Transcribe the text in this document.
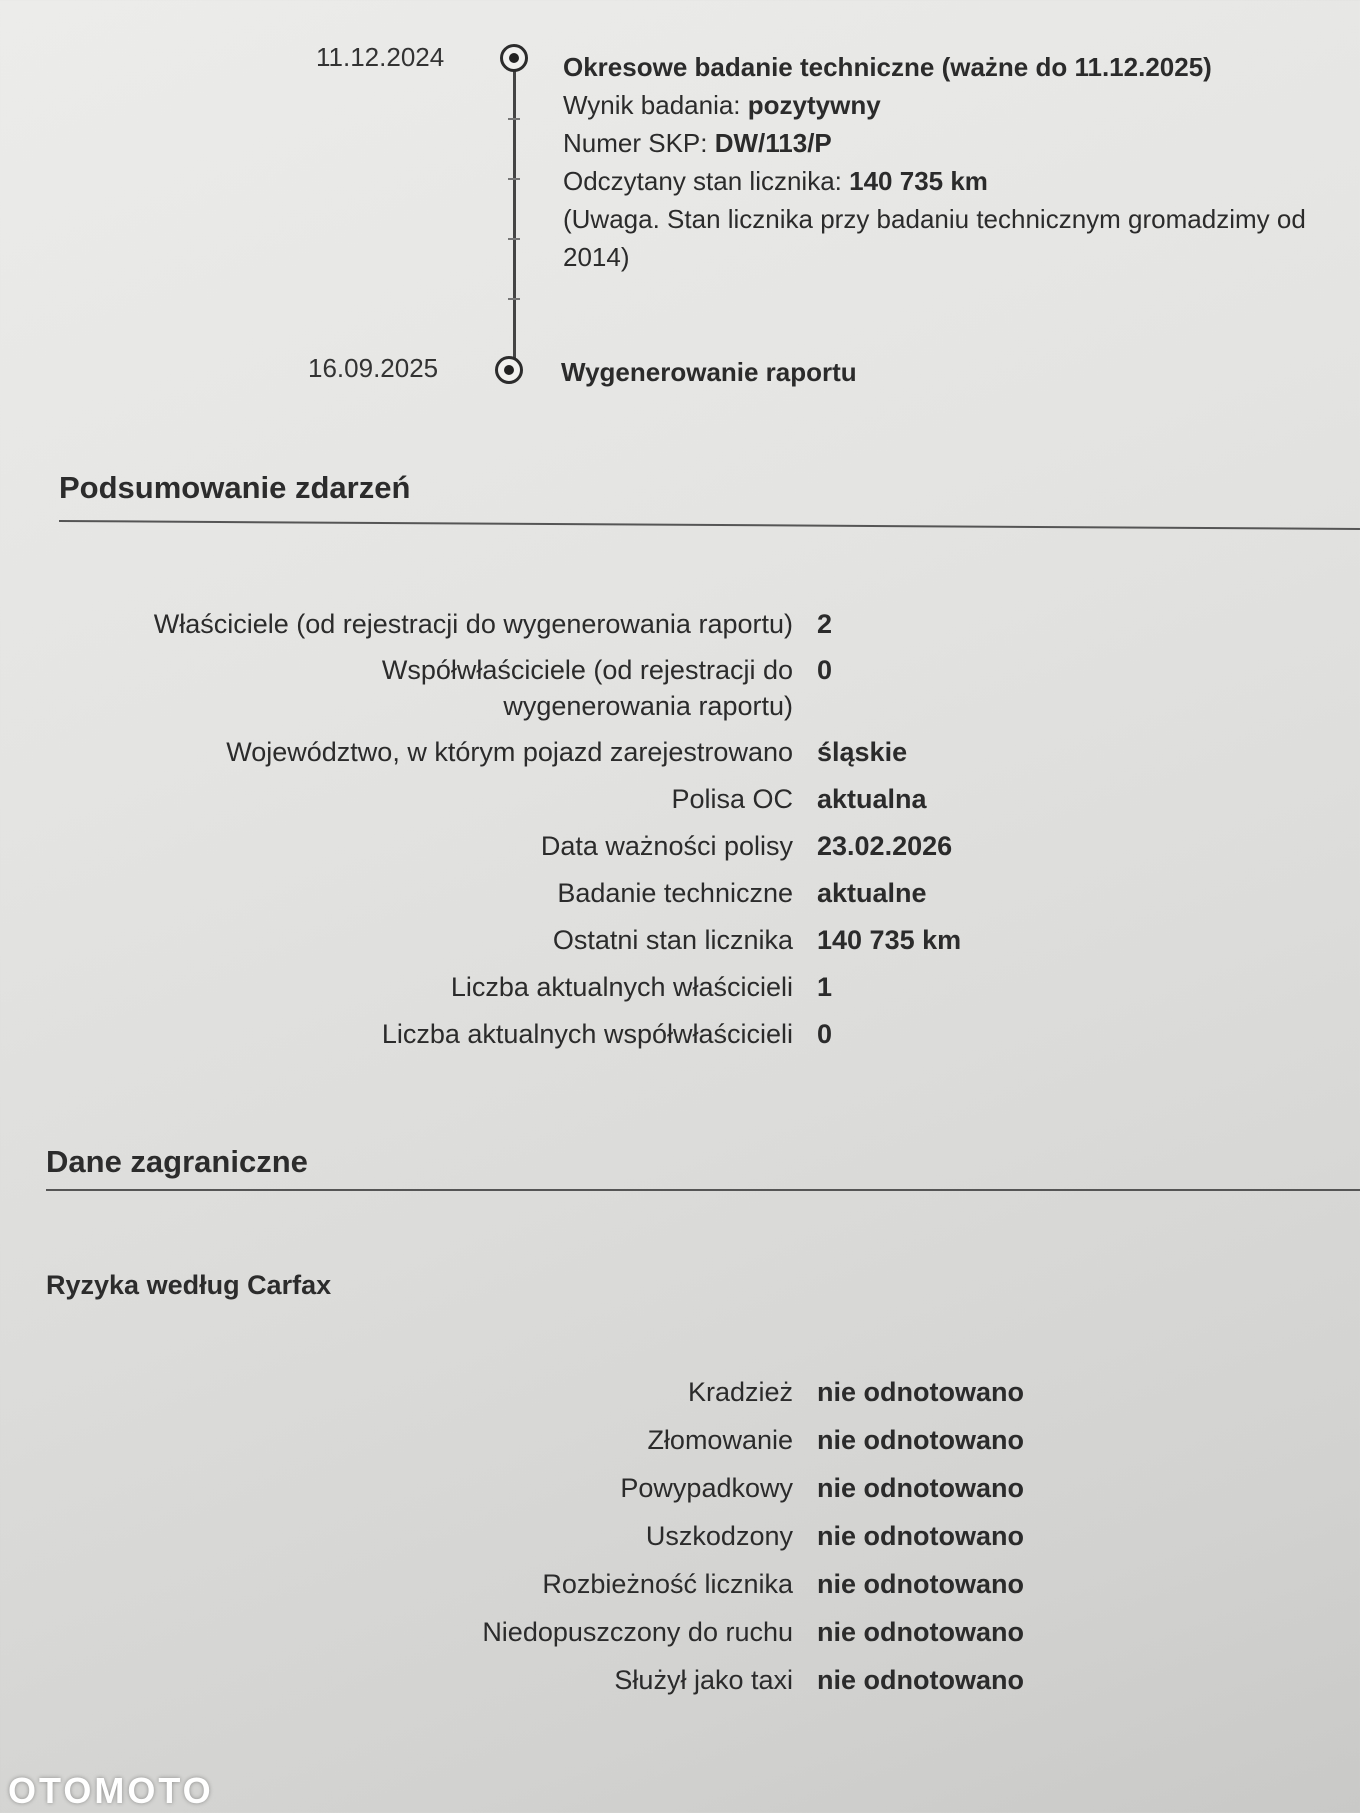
11.12.2024	Okresowe badanie techniczne (ważne do 11.12.2025)
Wynik badania: pozytywny
Numer SKP: DW/113/P
Odczytany stan licznika: 140 735 km
(Uwaga. Stan licznika przy badaniu technicznym gromadzimy od
2014)
16.09.2025	Wygenerowanie raportu
Podsumowanie zdarzeń
Właściciele (od rejestracji do wygenerowania raportu) 2
Współwłaściciele (od rejestracji do wygenerowania raportu)
0
Województwo, w którym pojazd zarejestrowano śląskie
Polisa OC aktualna
Data ważności polisy 23.02.2026
Badanie techniczne aktualne
Ostatni stan licznika 140 735 km
Liczba aktualnych właścicieli 1
Liczba aktualnych współwłaścicieli 0
Dane zagraniczne
Ryzyka według Carfax
Kradzież nie odnotowano
Złomowanie nie odnotowano
Powypadkowy nie odnotowano
Uszkodzony nie odnotowano
Rozbieżność licznika nie odnotowano
Niedopuszczony do ruchu nie odnotowano
Służył jako taxi nie odnotowano
OTOMOTO
